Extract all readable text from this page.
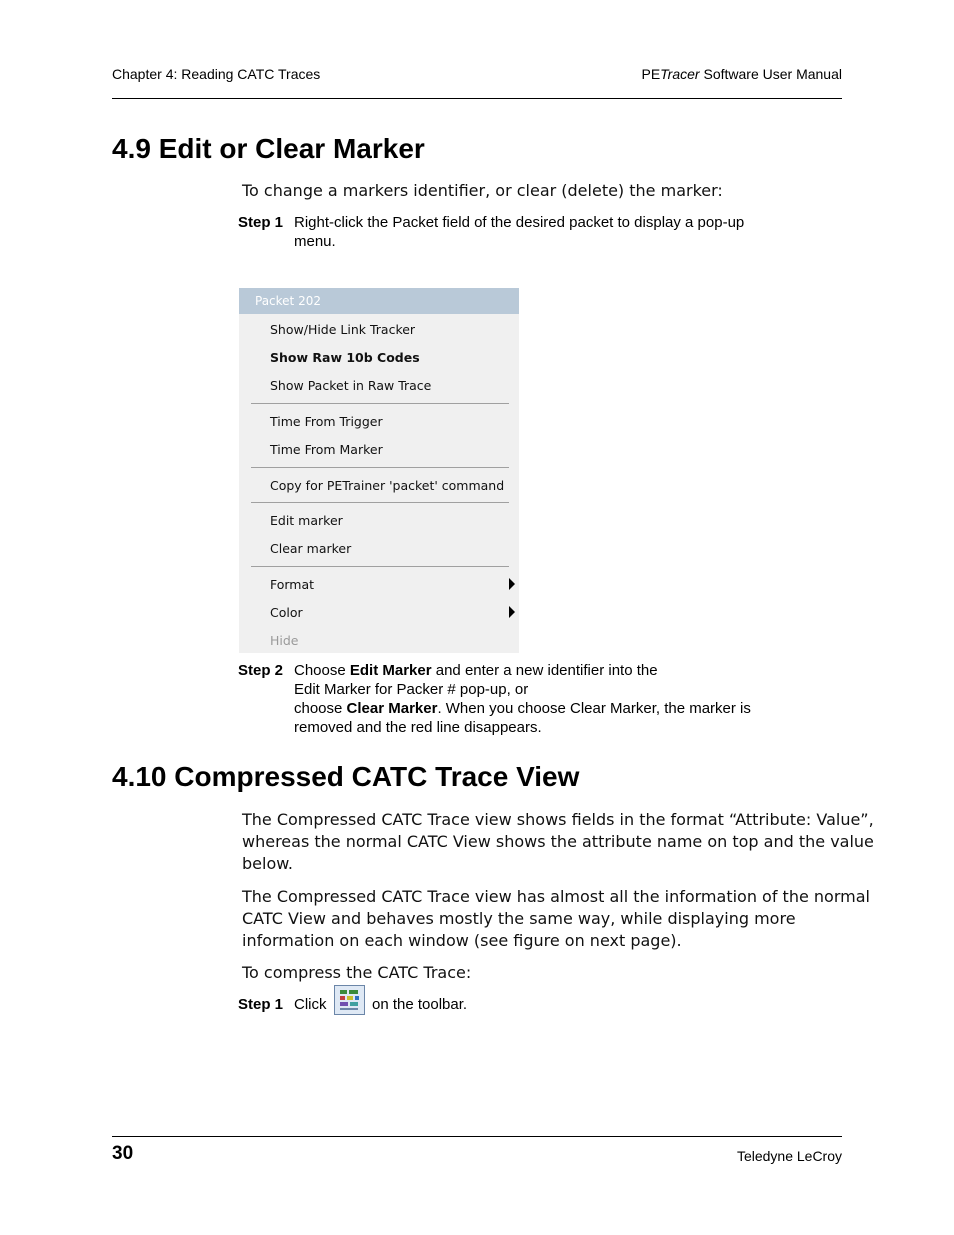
Chapter 4: Reading CATC Traces	PETracer Software User Manual
4.9 Edit or Clear Marker
To change a markers identifier, or clear (delete) the marker:
Step 1 Right-click the Packet field of the desired packet to display a pop-up
menu.
Packet 202
Show/Hide Link Tracker
Show Raw 10b Codes
Show Packet in Raw Trace
Time From Trigger
Time From Marker
Copy for PETrainer 'packet' command
Edit marker
Clear marker
Format
Color
Hide
Step 2 Choose Edit Marker and enter a new identifier into the
Edit Marker for Packer # pop-up, or
choose Clear Marker. When you choose Clear Marker, the marker is
removed and the red line disappears.
4.10 Compressed CATC Trace View
The Compressed CATC Trace view shows fields in the format “Attribute: Value”,
whereas the normal CATC View shows the attribute name on top and the value
below.
The Compressed CATC Trace view has almost all the information of the normal
CATC View and behaves mostly the same way, while displaying more
information on each window (see figure on next page).
To compress the CATC Trace:
Step 1 Click	on the toolbar.
30	Teledyne LeCroy
